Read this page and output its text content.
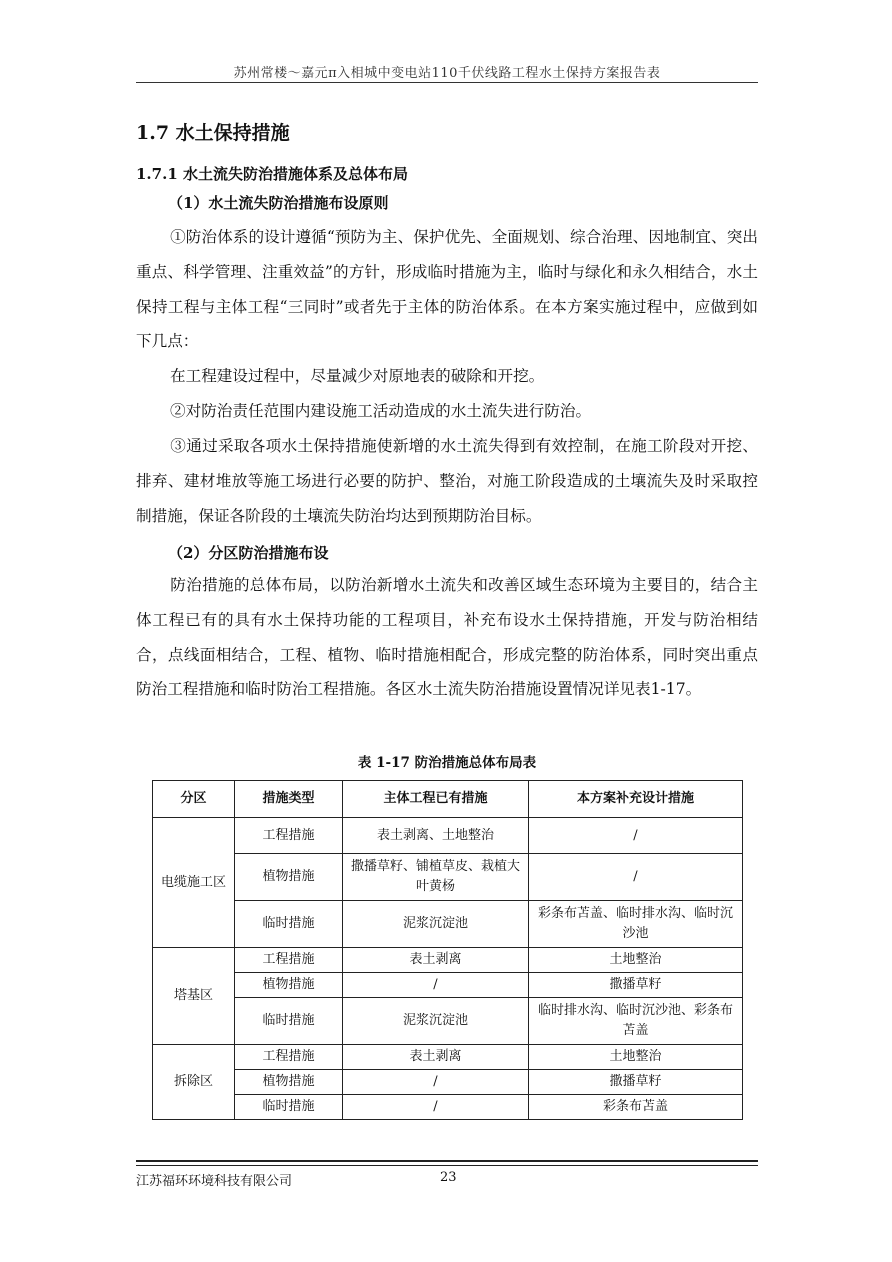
苏州常楼～嘉元π入相城中变电站110千伏线路工程水土保持方案报告表
1.7 水土保持措施
1.7.1 水土流失防治措施体系及总体布局
（1）水土流失防治措施布设原则

①防治体系的设计遵循“预防为主、保护优先、全面规划、综合治理、因地制宜、突出重点、科学管理、注重效益”的方针，形成临时措施为主，临时与绿化和永久相结合，水土保持工程与主体工程“三同时”或者先于主体的防治体系。在本方案实施过程中，应做到如下几点：

在工程建设过程中，尽量减少对原地表的破除和开挖。

②对防治责任范围内建设施工活动造成的水土流失进行防治。

③通过采取各项水土保持措施使新增的水土流失得到有效控制，在施工阶段对开挖、排弃、建材堆放等施工场进行必要的防护、整治，对施工阶段造成的土壤流失及时采取控制措施，保证各阶段的土壤流失防治均达到预期防治目标。

（2）分区防治措施布设

防治措施的总体布局，以防治新增水土流失和改善区域生态环境为主要目的，结合主体工程已有的具有水土保持功能的工程项目，补充布设水土保持措施，开发与防治相结合，点线面相结合，工程、植物、临时措施相配合，形成完整的防治体系，同时突出重点防治工程措施和临时防治工程措施。各区水土流失防治措施设置情况详见表1-17。

表 1-17 防治措施总体布局表
分区	措施类型	主体工程已有措施	本方案补充设计措施
电缆施工区	工程措施	表土剥离、土地整治	/
	植物措施	撒播草籽、铺植草皮、栽植大叶黄杨	/
	临时措施	泥浆沉淀池	彩条布苫盖、临时排水沟、临时沉沙池
塔基区	工程措施	表土剥离	土地整治
	植物措施	/	撒播草籽
	临时措施	泥浆沉淀池	临时排水沟、临时沉沙池、彩条布苫盖
拆除区	工程措施	表土剥离	土地整治
	植物措施	/	撒播草籽
	临时措施	/	彩条布苫盖
江苏福环环境科技有限公司	23
